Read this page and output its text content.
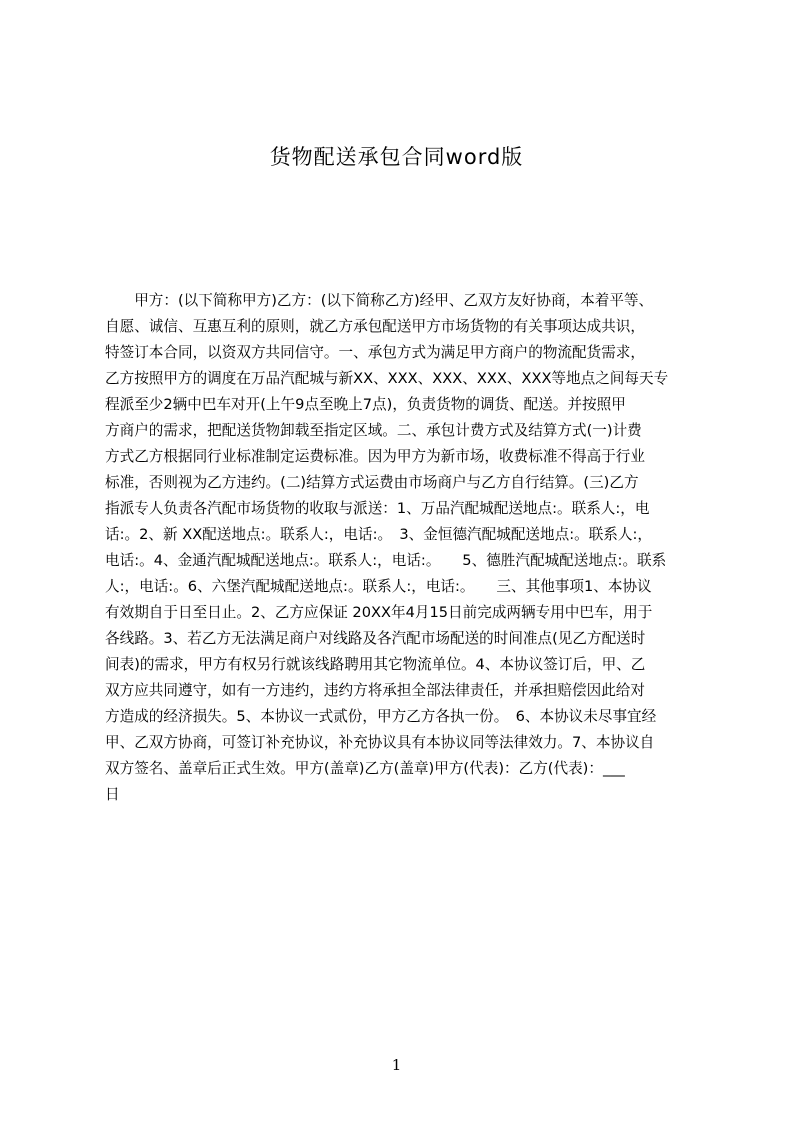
货物配送承包合同word版
　　甲方：(以下简称甲方)乙方：(以下简称乙方)经甲、乙双方友好协商，本着平等、
自愿、诚信、互惠互利的原则，就乙方承包配送甲方市场货物的有关事项达成共识，
特签订本合同，以资双方共同信守。一、承包方式为满足甲方商户的物流配货需求，
乙方按照甲方的调度在万品汽配城与新XX、XXX、XXX、XXX、XXX等地点之间每天专
程派至少2辆中巴车对开(上午9点至晚上7点)，负责货物的调货、配送。并按照甲
方商户的需求，把配送货物卸载至指定区域。二、承包计费方式及结算方式(一)计费
方式乙方根据同行业标准制定运费标准。因为甲方为新市场，收费标准不得高于行业
标准，否则视为乙方违约。(二)结算方式运费由市场商户与乙方自行结算。(三)乙方
指派专人负责各汽配市场货物的收取与派送：1、万品汽配城配送地点:。联系人:，电
话:。2、新 XX配送地点:。联系人:，电话:。　3、金恒德汽配城配送地点:。联系人:，
电话:。4、金通汽配城配送地点:。联系人:，电话:。　　5、德胜汽配城配送地点:。联系
人:，电话:。6、六堡汽配城配送地点:。联系人:，电话:。　　三、其他事项1、本协议
有效期自于日至日止。2、乙方应保证 20XX年4月15日前完成两辆专用中巴车，用于
各线路。3、若乙方无法满足商户对线路及各汽配市场配送的时间准点(见乙方配送时
间表)的需求，甲方有权另行就该线路聘用其它物流单位。4、本协议签订后，甲、乙
双方应共同遵守，如有一方违约，违约方将承担全部法律责任，并承担赔偿因此给对
方造成的经济损失。5、本协议一式贰份，甲方乙方各执一份。　6、本协议未尽事宜经
甲、乙双方协商，可签订补充协议，补充协议具有本协议同等法律效力。7、本协议自
双方签名、盖章后正式生效。甲方(盖章)乙方(盖章)甲方(代表)：乙方(代表)：___
日
1
